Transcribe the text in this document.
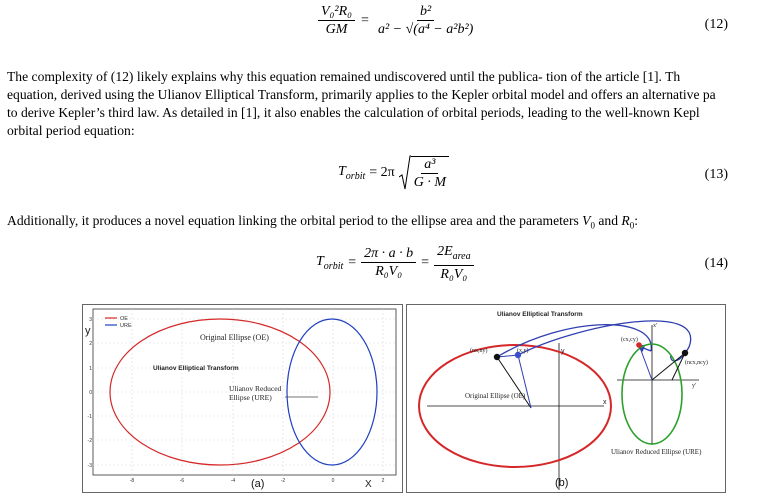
$\frac{\text{V₀²R₀}}{GM} = \frac{\text{b²}}{\text{a² − √(a⁴ − a²b²)}}$	(12)
The complexity of (12) likely explains why this equation remained undiscovered until the publica- tion of the article [1]. Th
equation, derived using the Ulianov Elliptical Transform, primarily applies to the Kepler orbital model and offers an alternative pa
to derive Kepler’s third law. As detailed in [1], it also enables the calculation of orbital periods, leading to the well-known Kepl
orbital period equation:
$T_{orbit} = 2\pi \frac{\text{a³}}{G \cdot M}$	(13)
Additionally, it produces a novel equation linking the orbital period to the ellipse area and the parameters $V_0$ and $R_0$:
$T_{orbit} = \frac{2\pi \cdot a \cdot b}{\text{R₀V₀}} = \frac{2E_{area}}{\text{R₀V₀}}$	(14)
OE
URE
y
3
2
1
0
-1
-2
-3
-8	-6	-4	-2	0	2
X
Original Ellipse (OE)
Ulianov Elliptical Transform
Ulianov Reduced
Ellipse (URE)
(a)
Ulianov Elliptical Transform
(nx,ny)	(x,y)	y
x
Original Ellipse (OE)
(cx,cy)
(ncx,ncy)
x'
y'
Ulianov Reduced Ellipse (URE)
(b)
